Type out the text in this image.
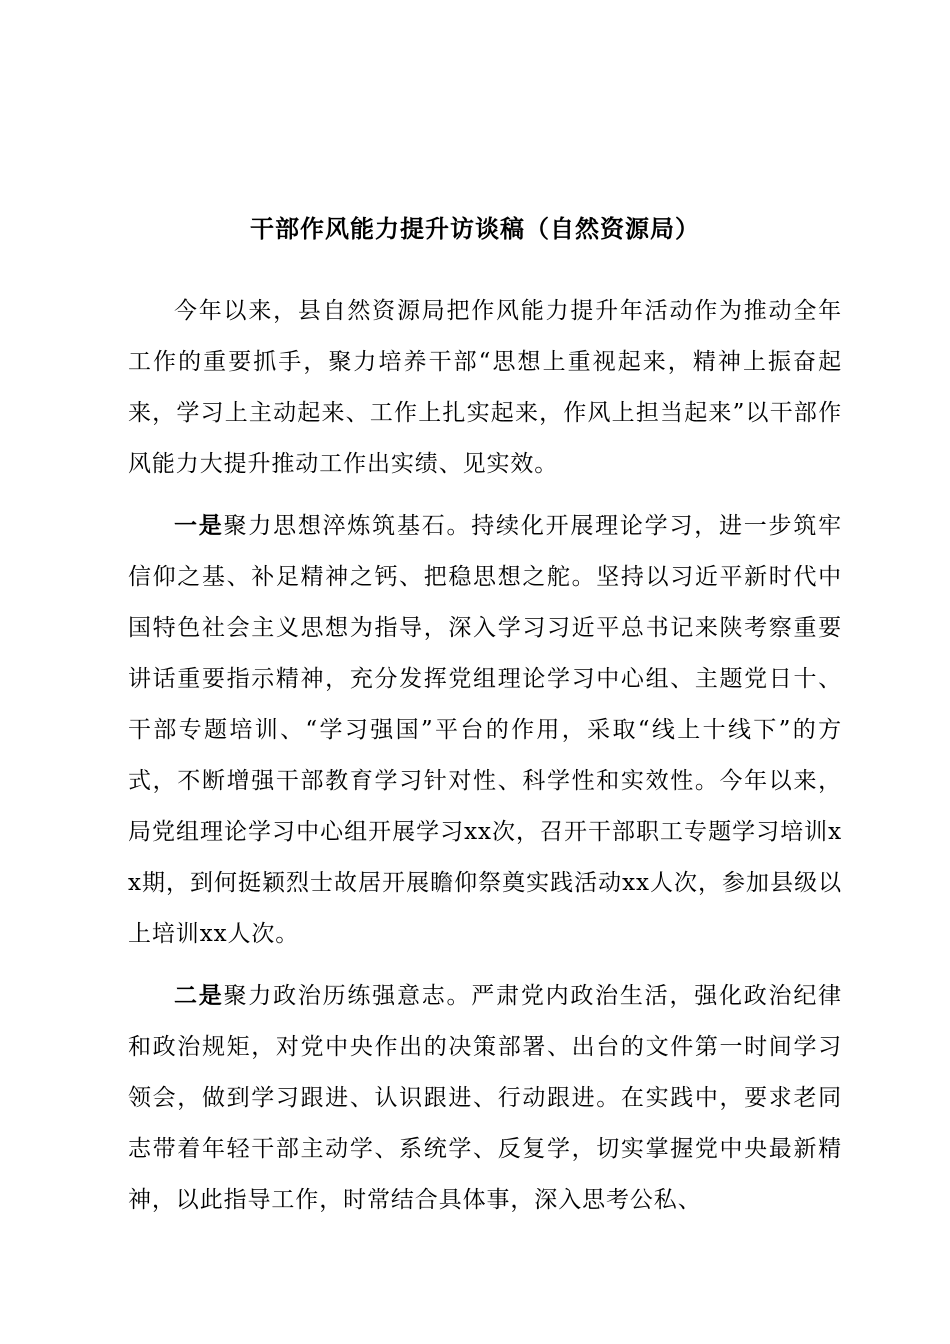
干部作风能力提升访谈稿（自然资源局）

今年以来，县自然资源局把作风能力提升年活动作为推动全年工作的重要抓手，聚力培养干部“思想上重视起来，精神上振奋起来，学习上主动起来、工作上扎实起来，作风上担当起来”以干部作风能力大提升推动工作出实绩、见实效。

一是聚力思想淬炼筑基石。持续化开展理论学习，进一步筑牢信仰之基、补足精神之钙、把稳思想之舵。坚持以习近平新时代中国特色社会主义思想为指导，深入学习习近平总书记来陕考察重要讲话重要指示精神，充分发挥党组理论学习中心组、主题党日十、干部专题培训、“学习强国”平台的作用，采取“线上十线下”的方式，不断增强干部教育学习针对性、科学性和实效性。今年以来，局党组理论学习中心组开展学习xx次，召开干部职工专题学习培训xx期，到何挺颖烈士故居开展瞻仰祭奠实践活动xx人次，参加县级以上培训xx人次。

二是聚力政治历练强意志。严肃党内政治生活，强化政治纪律和政治规矩，对党中央作出的决策部署、出台的文件第一时间学习领会，做到学习跟进、认识跟进、行动跟进。在实践中，要求老同志带着年轻干部主动学、系统学、反复学，切实掌握党中央最新精神，以此指导工作，时常结合具体事，深入思考公私、
